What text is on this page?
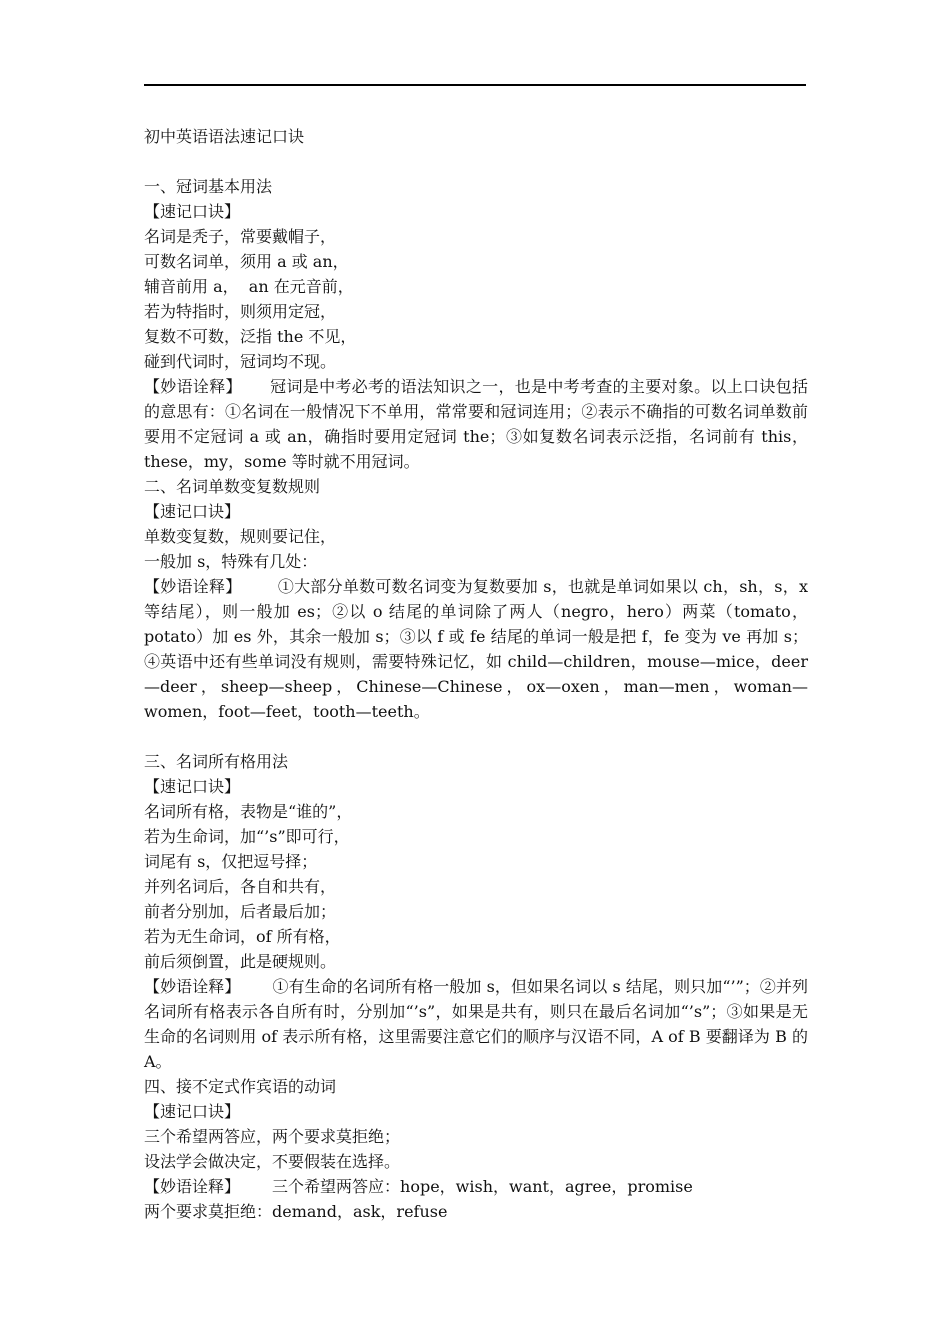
初中英语语法速记口诀
一、冠词基本用法
【速记口诀】
名词是秃子，常要戴帽子，
可数名词单，须用 a 或 an，
辅音前用 a，  an 在元音前，
若为特指时，则须用定冠，
复数不可数，泛指 the 不见，
碰到代词时，冠词均不现。
【妙语诠释】 冠词是中考必考的语法知识之一，也是中考考查的主要对象。以上口诀包括的意思有：①名词在一般情况下不单用，常常要和冠词连用；②表示不确指的可数名词单数前要用不定冠词 a 或 an，确指时要用定冠词 the；③如复数名词表示泛指，名词前有 this，these，my，some 等时就不用冠词。
二、名词单数变复数规则
【速记口诀】
单数变复数，规则要记住，
一般加 s，特殊有几处：
【妙语诠释】 ①大部分单数可数名词变为复数要加 s，也就是单词如果以 ch，sh，s，x 等结尾），则一般加 es；②以 o 结尾的单词除了两人（negro，hero）两菜（tomato，potato）加 es 外，其余一般加 s；③以 f 或 fe 结尾的单词一般是把 f，fe 变为 ve 再加 s；④英语中还有些单词没有规则，需要特殊记忆，如 child—children，mouse—mice，deer—deer，sheep—sheep，Chinese—Chinese，ox—oxen，man—men，woman—women，foot—feet，tooth—teeth。
三、名词所有格用法
【速记口诀】
名词所有格，表物是“谁的”，
若为生命词，加“’s”即可行，
词尾有 s，仅把逗号择；
并列名词后，各自和共有，
前者分别加，后者最后加；
若为无生命词，of 所有格，
前后须倒置，此是硬规则。
【妙语诠释】 ①有生命的名词所有格一般加 s，但如果名词以 s 结尾，则只加“’”；②并列名词所有格表示各自所有时，分别加“’s”，如果是共有，则只在最后名词加“’s”；③如果是无生命的名词则用 of 表示所有格，这里需要注意它们的顺序与汉语不同，A of B 要翻译为 B 的 A。
四、接不定式作宾语的动词
【速记口诀】
三个希望两答应，两个要求莫拒绝；
设法学会做决定，不要假装在选择。
【妙语诠释】 三个希望两答应：hope，wish，want，agree，promise
两个要求莫拒绝：demand，ask，refuse
